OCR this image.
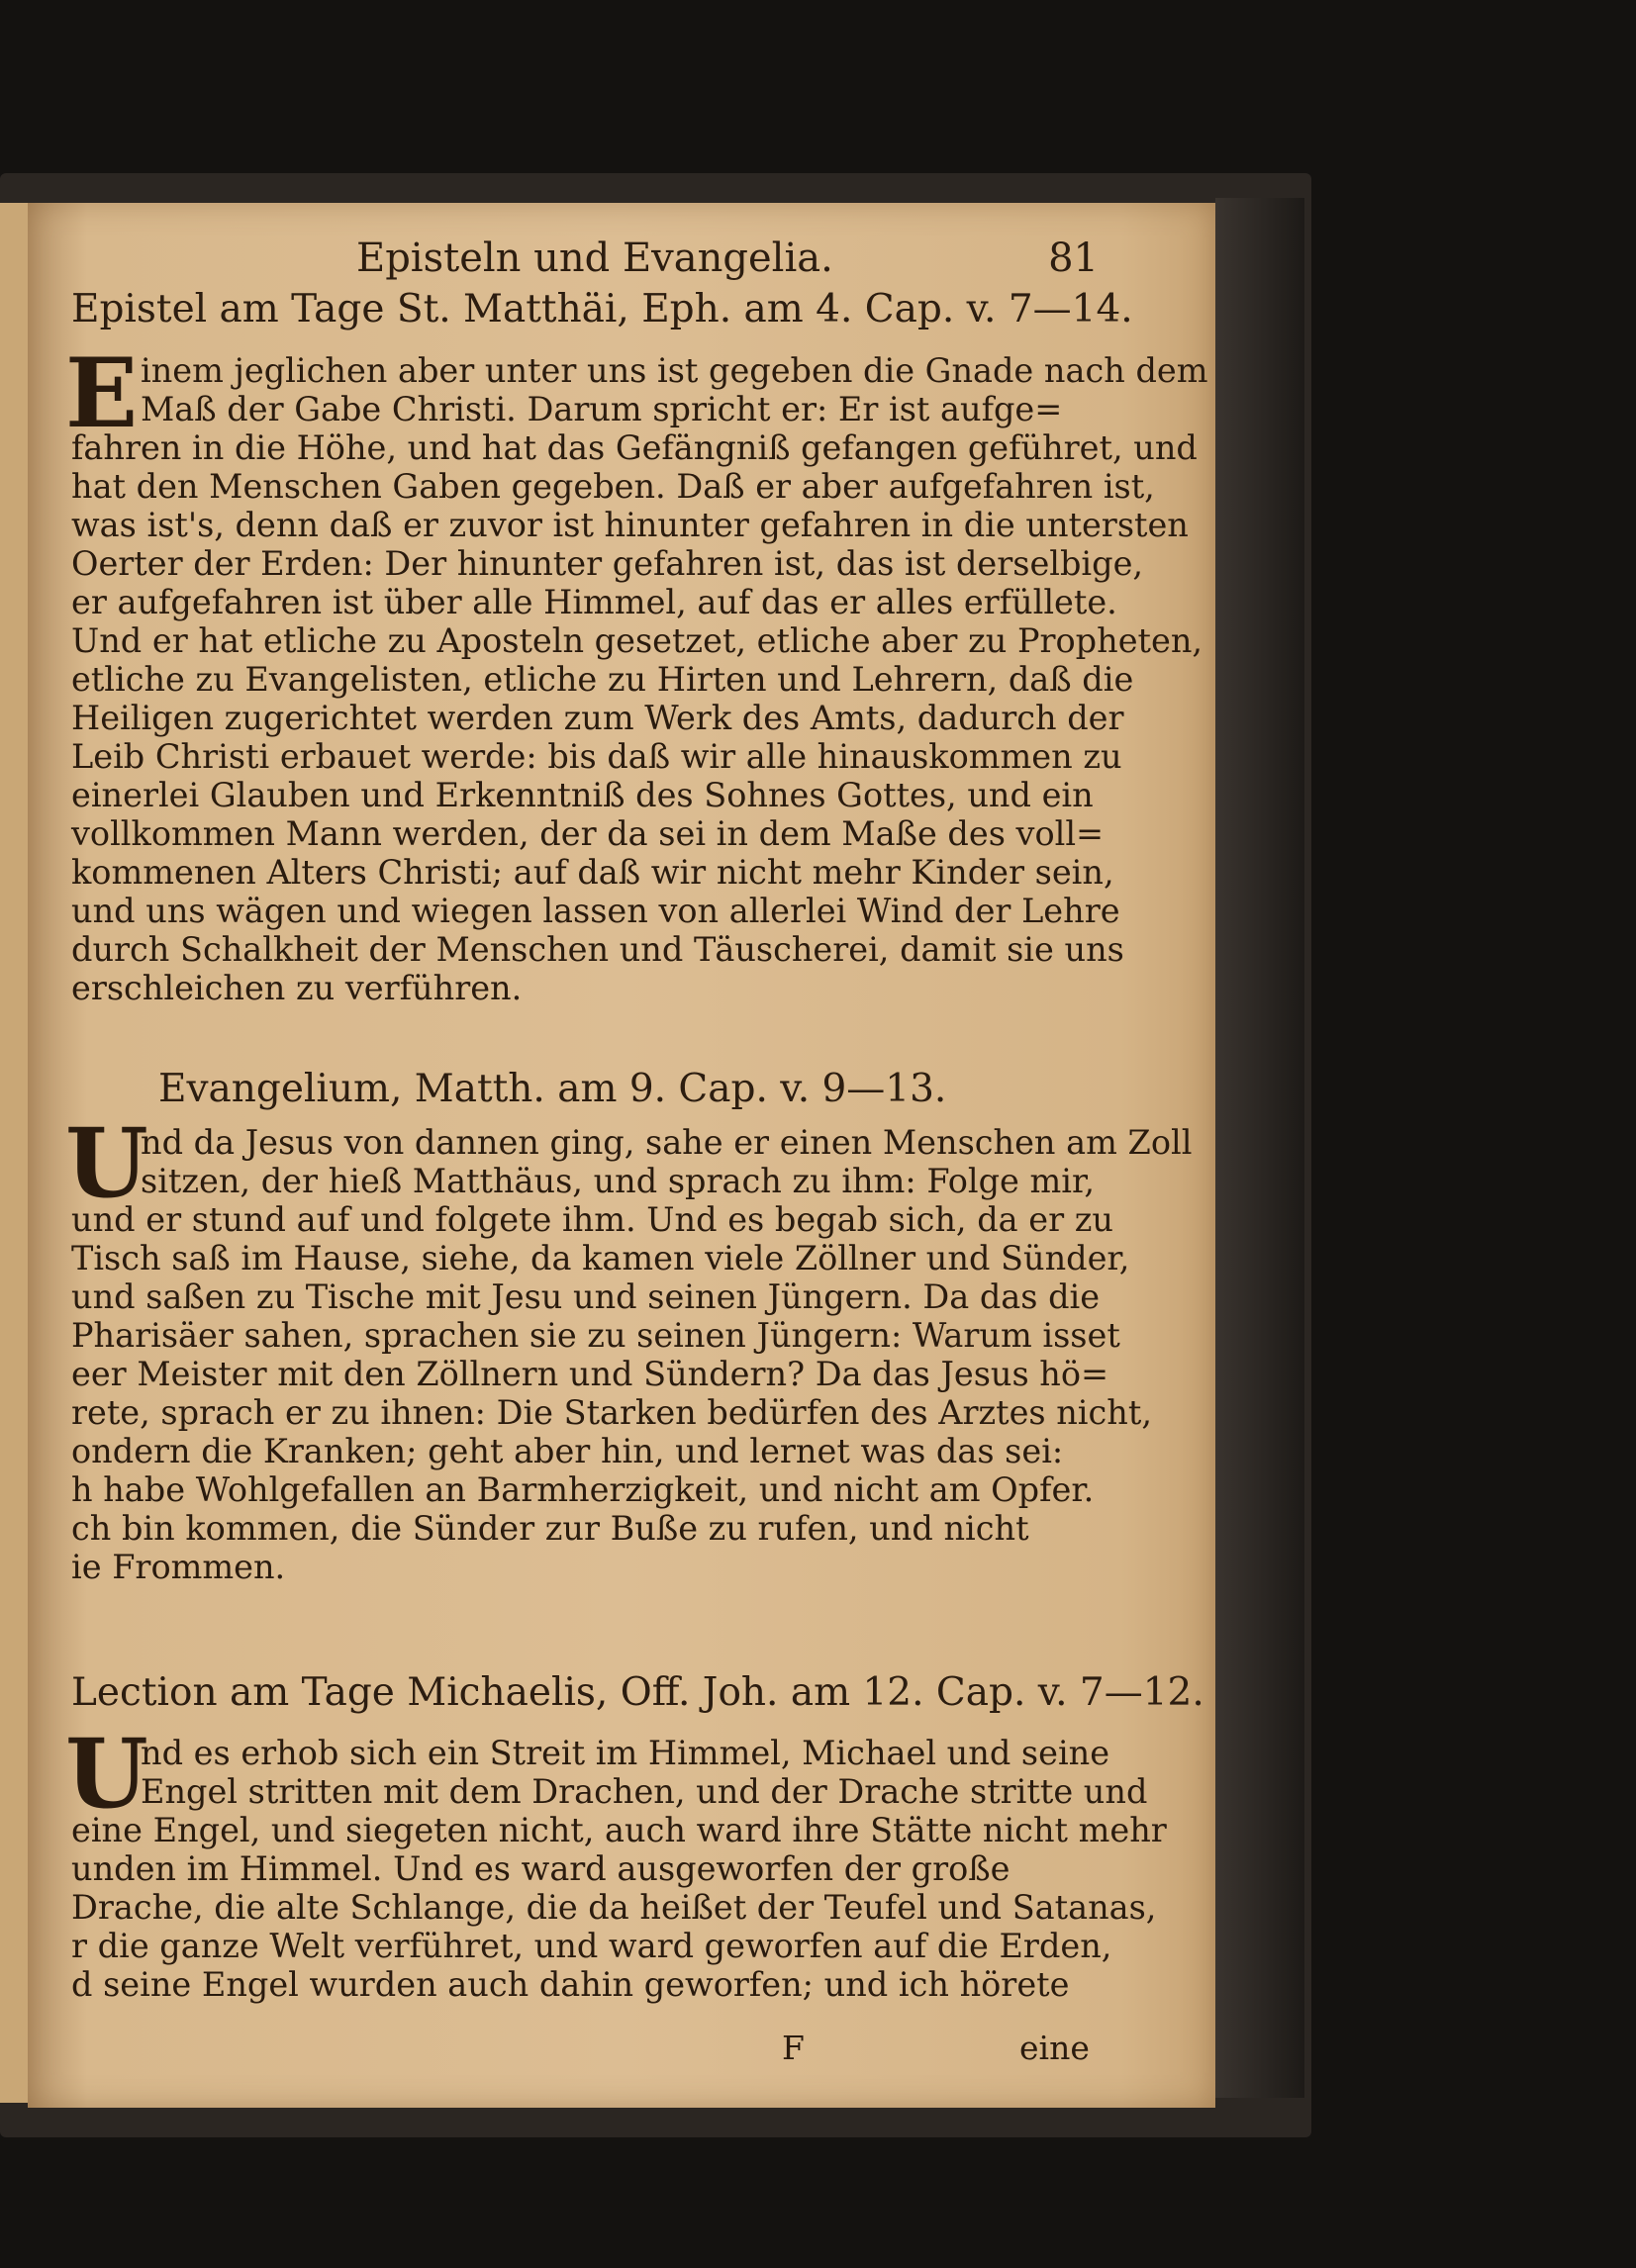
Episteln und Evangelia.	81
Epistel am Tage St. Matthäi, Eph. am 4. Cap. v. 7—14.
E inem jeglichen aber unter uns ist gegeben die Gnade nach dem
Maß der Gabe Christi. Darum spricht er: Er ist aufge=
fahren in die Höhe, und hat das Gefängniß gefangen geführet, und
hat den Menschen Gaben gegeben. Daß er aber aufgefahren ist,
was ist's, denn daß er zuvor ist hinunter gefahren in die untersten
Oerter der Erden: Der hinunter gefahren ist, das ist derselbige,
er aufgefahren ist über alle Himmel, auf das er alles erfüllete.
Und er hat etliche zu Aposteln gesetzet, etliche aber zu Propheten,
etliche zu Evangelisten, etliche zu Hirten und Lehrern, daß die
Heiligen zugerichtet werden zum Werk des Amts, dadurch der
Leib Christi erbauet werde: bis daß wir alle hinauskommen zu
einerlei Glauben und Erkenntniß des Sohnes Gottes, und ein
vollkommen Mann werden, der da sei in dem Maße des voll=
kommenen Alters Christi; auf daß wir nicht mehr Kinder sein,
und uns wägen und wiegen lassen von allerlei Wind der Lehre
durch Schalkheit der Menschen und Täuscherei, damit sie uns
erschleichen zu verführen.
Evangelium, Matth. am 9. Cap. v. 9—13.
U
nd da Jesus von dannen ging, sahe er einen Menschen am Zoll
sitzen, der hieß Matthäus, und sprach zu ihm: Folge mir,
und er stund auf und folgete ihm. Und es begab sich, da er zu
Tisch saß im Hause, siehe, da kamen viele Zöllner und Sünder,
und saßen zu Tische mit Jesu und seinen Jüngern. Da das die
Pharisäer sahen, sprachen sie zu seinen Jüngern: Warum isset
eer Meister mit den Zöllnern und Sündern? Da das Jesus hö=
rete, sprach er zu ihnen: Die Starken bedürfen des Arztes nicht,
ondern die Kranken; geht aber hin, und lernet was das sei:
h habe Wohlgefallen an Barmherzigkeit, und nicht am Opfer.
ch bin kommen, die Sünder zur Buße zu rufen, und nicht
ie Frommen.
Lection am Tage Michaelis, Off. Joh. am 12. Cap. v. 7—12.
U
nd es erhob sich ein Streit im Himmel, Michael und seine
Engel stritten mit dem Drachen, und der Drache stritte und
eine Engel, und siegeten nicht, auch ward ihre Stätte nicht mehr
unden im Himmel. Und es ward ausgeworfen der große
Drache, die alte Schlange, die da heißet der Teufel und Satanas,
r die ganze Welt verführet, und ward geworfen auf die Erden,
d seine Engel wurden auch dahin geworfen; und ich hörete
F	eine
